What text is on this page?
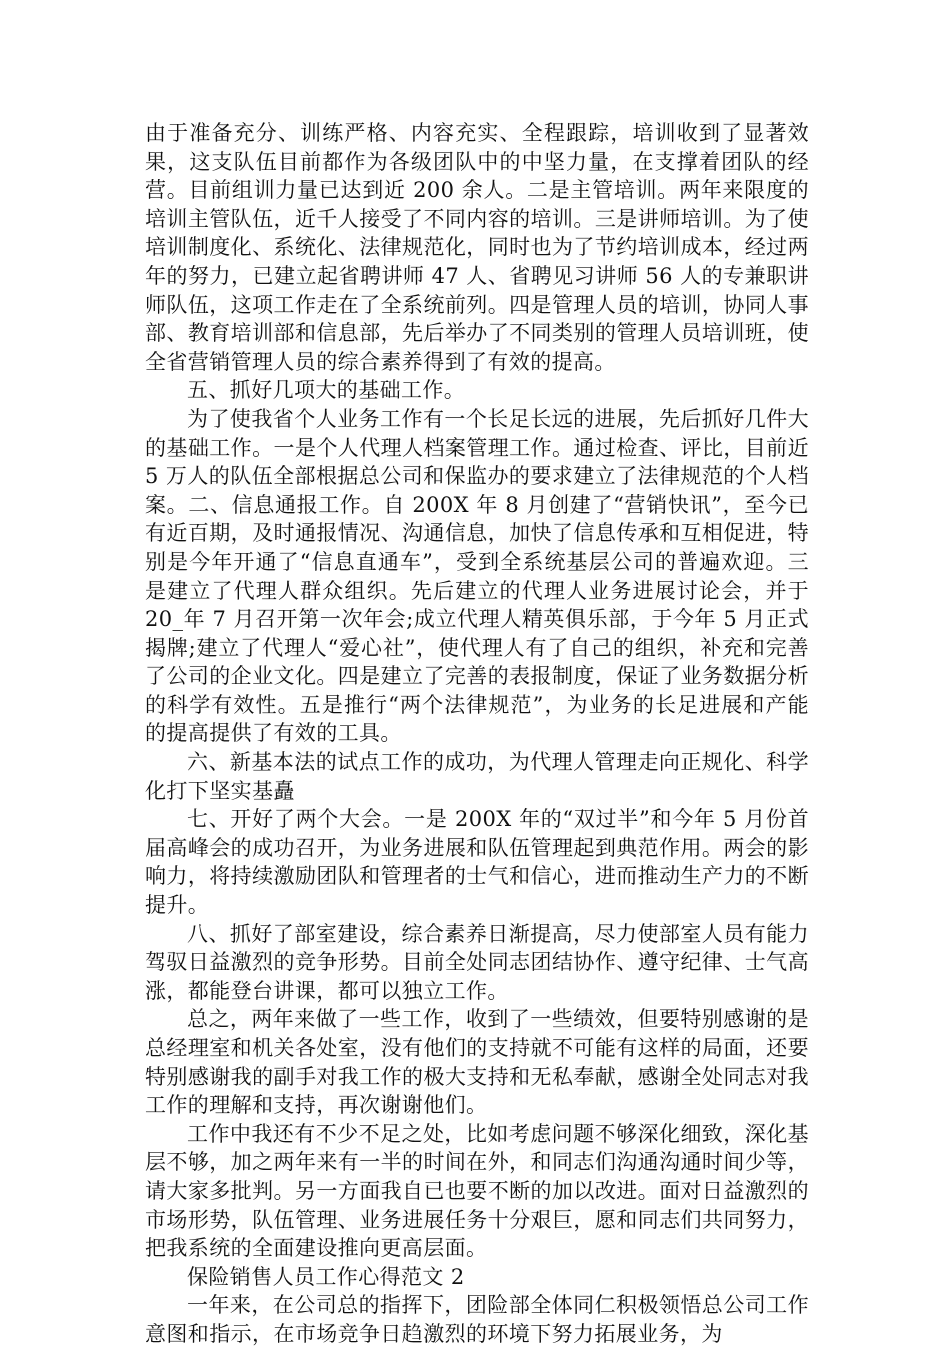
由于准备充分、训练严格、内容充实、全程跟踪，培训收到了显著效果，这支队伍目前都作为各级团队中的中坚力量，在支撑着团队的经营。目前组训力量已达到近 200 余人。二是主管培训。两年来限度的培训主管队伍，近千人接受了不同内容的培训。三是讲师培训。为了使培训制度化、系统化、法律规范化，同时也为了节约培训成本，经过两年的努力，已建立起省聘讲师 47 人、省聘见习讲师 56 人的专兼职讲师队伍，这项工作走在了全系统前列。四是管理人员的培训，协同人事部、教育培训部和信息部，先后举办了不同类别的管理人员培训班，使全省营销管理人员的综合素养得到了有效的提高。

五、抓好几项大的基础工作。

为了使我省个人业务工作有一个长足长远的进展，先后抓好几件大的基础工作。一是个人代理人档案管理工作。通过检查、评比，目前近 5 万人的队伍全部根据总公司和保监办的要求建立了法律规范的个人档案。二、信息通报工作。自 200X 年 8 月创建了“营销快讯”，至今已有近百期，及时通报情况、沟通信息，加快了信息传承和互相促进，特别是今年开通了“信息直通车”，受到全系统基层公司的普遍欢迎。三是建立了代理人群众组织。先后建立的代理人业务进展讨论会，并于 20_年 7 月召开第一次年会;成立代理人精英俱乐部，于今年 5 月正式揭牌;建立了代理人“爱心社”，使代理人有了自己的组织，补充和完善了公司的企业文化。四是建立了完善的表报制度，保证了业务数据分析的科学有效性。五是推行“两个法律规范”，为业务的长足进展和产能的提高提供了有效的工具。

六、新基本法的试点工作的成功，为代理人管理走向正规化、科学化打下坚实基矗

七、开好了两个大会。一是 200X 年的“双过半”和今年 5 月份首届高峰会的成功召开，为业务进展和队伍管理起到典范作用。两会的影响力，将持续激励团队和管理者的士气和信心，进而推动生产力的不断提升。

八、抓好了部室建设，综合素养日渐提高，尽力使部室人员有能力驾驭日益激烈的竞争形势。目前全处同志团结协作、遵守纪律、士气高涨，都能登台讲课，都可以独立工作。

总之，两年来做了一些工作，收到了一些绩效，但要特别感谢的是总经理室和机关各处室，没有他们的支持就不可能有这样的局面，还要特别感谢我的副手对我工作的极大支持和无私奉献，感谢全处同志对我工作的理解和支持，再次谢谢他们。

工作中我还有不少不足之处，比如考虑问题不够深化细致，深化基层不够，加之两年来有一半的时间在外，和同志们沟通沟通时间少等，请大家多批判。另一方面我自已也要不断的加以改进。面对日益激烈的市场形势，队伍管理、业务进展任务十分艰巨，愿和同志们共同努力，把我系统的全面建设推向更高层面。

保险销售人员工作心得范文 2

一年来，在公司总的指挥下，团险部全体同仁积极领悟总公司工作意图和指示，在市场竞争日趋激烈的环境下努力拓展业务，为
